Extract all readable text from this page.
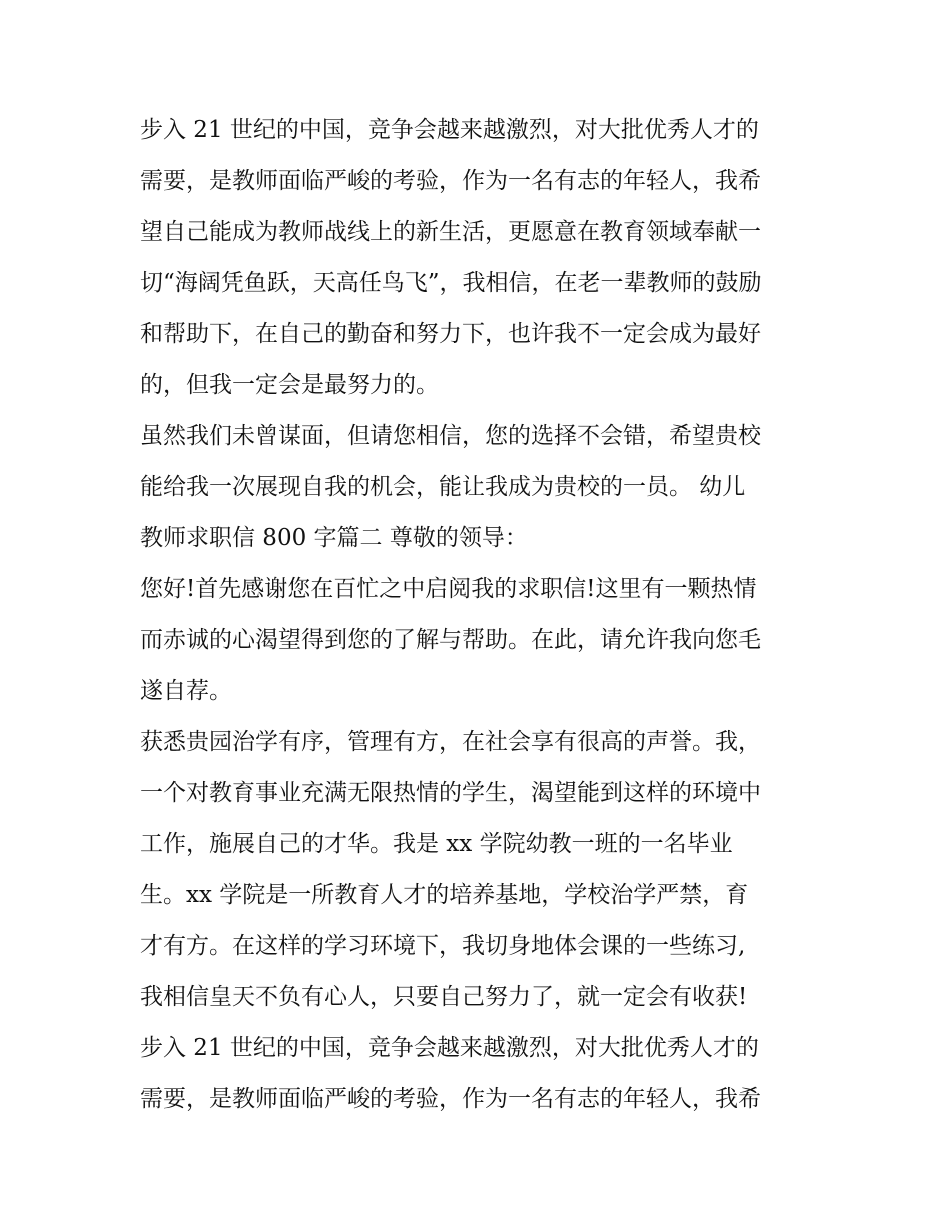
步入 21 世纪的中国，竞争会越来越激烈，对大批优秀人才的
需要，是教师面临严峻的考验，作为一名有志的年轻人，我希
望自己能成为教师战线上的新生活，更愿意在教育领域奉献一
切“海阔凭鱼跃，天高任鸟飞”，我相信，在老一辈教师的鼓励
和帮助下，在自己的勤奋和努力下，也许我不一定会成为最好
的，但我一定会是最努力的。
虽然我们未曾谋面，但请您相信，您的选择不会错，希望贵校
能给我一次展现自我的机会，能让我成为贵校的一员。 幼儿
教师求职信 800 字篇二 尊敬的领导：
您好!首先感谢您在百忙之中启阅我的求职信!这里有一颗热情
而赤诚的心渴望得到您的了解与帮助。在此，请允许我向您毛
遂自荐。
获悉贵园治学有序，管理有方，在社会享有很高的声誉。我，
一个对教育事业充满无限热情的学生，渴望能到这样的环境中
工作，施展自己的才华。我是 xx 学院幼教一班的一名毕业
生。xx 学院是一所教育人才的培养基地，学校治学严禁，育
才有方。在这样的学习环境下，我切身地体会课的一些练习,
我相信皇天不负有心人，只要自己努力了，就一定会有收获!
步入 21 世纪的中国，竞争会越来越激烈，对大批优秀人才的
需要，是教师面临严峻的考验，作为一名有志的年轻人，我希
